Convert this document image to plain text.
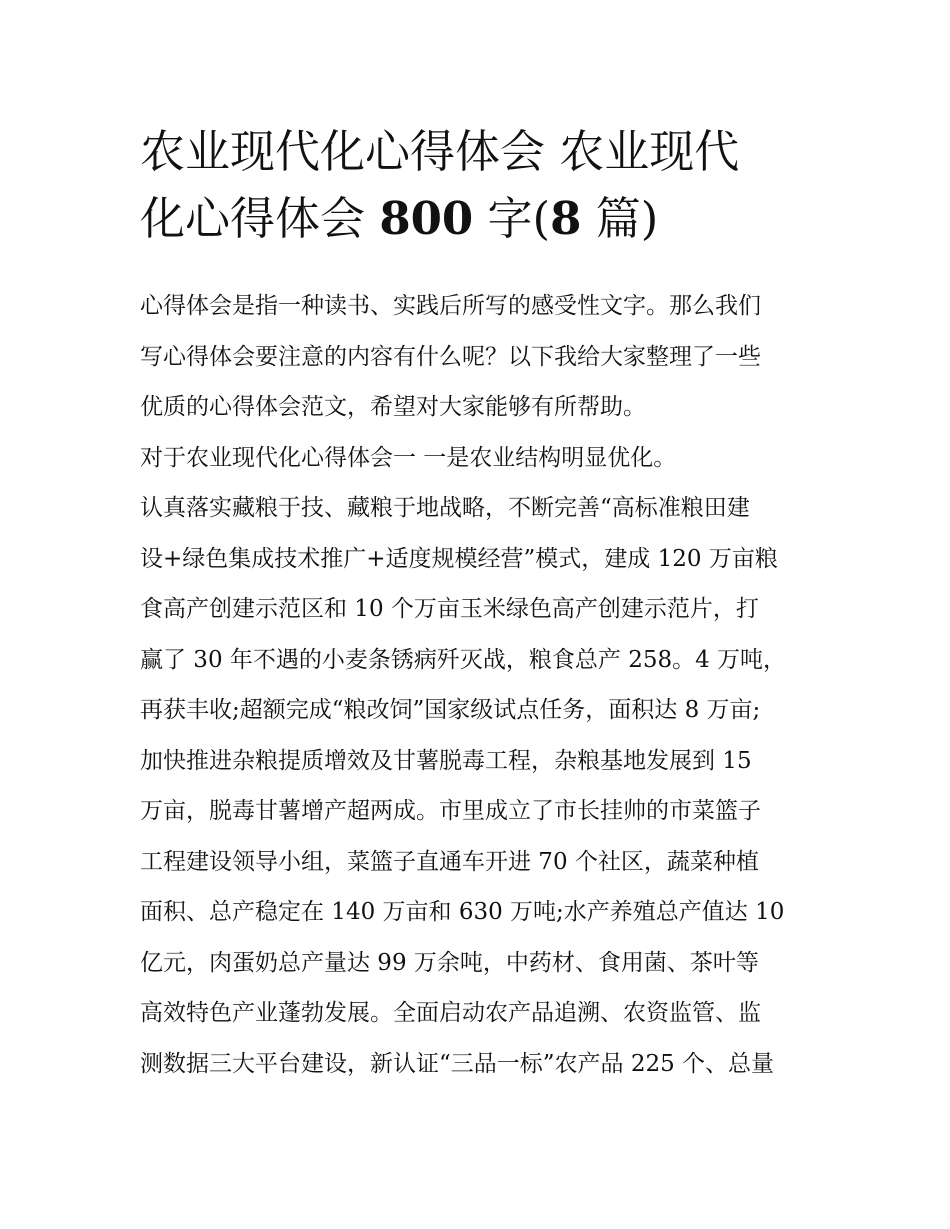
农业现代化心得体会 农业现代
化心得体会 800 字(8 篇)
心得体会是指一种读书、实践后所写的感受性文字。那么我们
写心得体会要注意的内容有什么呢？以下我给大家整理了一些
优质的心得体会范文，希望对大家能够有所帮助。
对于农业现代化心得体会一 一是农业结构明显优化。
认真落实藏粮于技、藏粮于地战略，不断完善“高标准粮田建
设+绿色集成技术推广+适度规模经营”模式，建成 120 万亩粮
食高产创建示范区和 10 个万亩玉米绿色高产创建示范片，打
赢了 30 年不遇的小麦条锈病歼灭战，粮食总产 258。4 万吨，
再获丰收;超额完成“粮改饲”国家级试点任务，面积达 8 万亩;
加快推进杂粮提质增效及甘薯脱毒工程，杂粮基地发展到 15
万亩，脱毒甘薯增产超两成。市里成立了市长挂帅的市菜篮子
工程建设领导小组，菜篮子直通车开进 70 个社区，蔬菜种植
面积、总产稳定在 140 万亩和 630 万吨;水产养殖总产值达 10
亿元，肉蛋奶总产量达 99 万余吨，中药材、食用菌、茶叶等
高效特色产业蓬勃发展。全面启动农产品追溯、农资监管、监
测数据三大平台建设，新认证“三品一标”农产品 225 个、总量
